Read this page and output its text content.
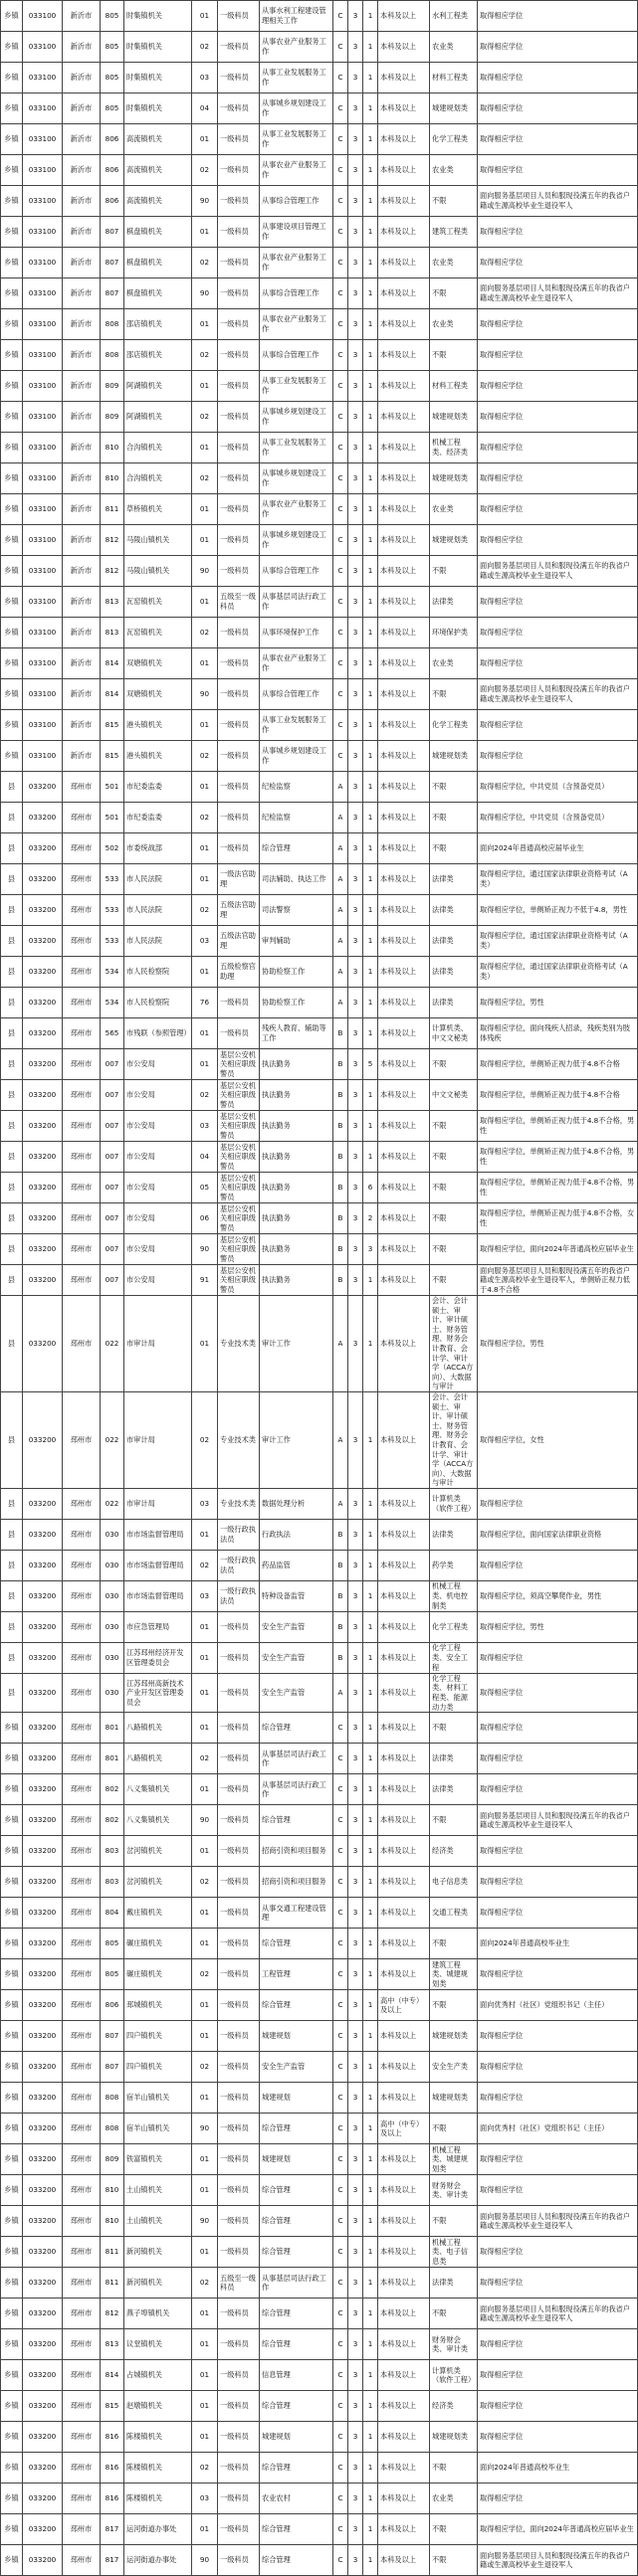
乡镇	033100	新沂市	805	时集镇机关	01	一级科员	从事水利工程建设管理相关工作	C	3	1	本科及以上	水利工程类	取得相应学位
乡镇	033100	新沂市	805	时集镇机关	02	一级科员	从事农业产业服务工作	C	3	1	本科及以上	农业类	取得相应学位
乡镇	033100	新沂市	805	时集镇机关	03	一级科员	从事工业发展服务工作	C	3	1	本科及以上	材料工程类	取得相应学位
乡镇	033100	新沂市	805	时集镇机关	04	一级科员	从事城乡规划建设工作	C	3	1	本科及以上	城建规划类	取得相应学位
乡镇	033100	新沂市	806	高流镇机关	01	一级科员	从事工业发展服务工作	C	3	1	本科及以上	化学工程类	取得相应学位
乡镇	033100	新沂市	806	高流镇机关	02	一级科员	从事农业产业服务工作	C	3	1	本科及以上	农业类	取得相应学位
乡镇	033100	新沂市	806	高流镇机关	90	一级科员	从事综合管理工作	C	3	1	本科及以上	不限	面向服务基层项目人员和服现役满五年的我省户籍或生源高校毕业生退役军人
乡镇	033100	新沂市	807	棋盘镇机关	01	一级科员	从事建设项目管理工作	C	3	1	本科及以上	建筑工程类	取得相应学位
乡镇	033100	新沂市	807	棋盘镇机关	02	一级科员	从事农业产业服务工作	C	3	1	本科及以上	农业类	取得相应学位
乡镇	033100	新沂市	807	棋盘镇机关	90	一级科员	从事综合管理工作	C	3	1	本科及以上	不限	面向服务基层项目人员和服现役满五年的我省户籍或生源高校毕业生退役军人
乡镇	033100	新沂市	808	邵店镇机关	01	一级科员	从事农业产业服务工作	C	3	1	本科及以上	农业类	取得相应学位
乡镇	033100	新沂市	808	邵店镇机关	02	一级科员	从事综合管理工作	C	3	1	本科及以上	不限	取得相应学位
乡镇	033100	新沂市	809	阿湖镇机关	01	一级科员	从事工业发展服务工作	C	3	1	本科及以上	材料工程类	取得相应学位
乡镇	033100	新沂市	809	阿湖镇机关	02	一级科员	从事城乡规划建设工作	C	3	1	本科及以上	城建规划类	取得相应学位
乡镇	033100	新沂市	810	合沟镇机关	01	一级科员	从事工业发展服务工作	C	3	1	本科及以上	机械工程类、经济类	取得相应学位
乡镇	033100	新沂市	810	合沟镇机关	02	一级科员	从事城乡规划建设工作	C	3	1	本科及以上	城建规划类	取得相应学位
乡镇	033100	新沂市	811	草桥镇机关	01	一级科员	从事农业产业服务工作	C	3	1	本科及以上	农业类	取得相应学位
乡镇	033100	新沂市	812	马陵山镇机关	01	一级科员	从事城乡规划建设工作	C	3	1	本科及以上	城建规划类	取得相应学位
乡镇	033100	新沂市	812	马陵山镇机关	90	一级科员	从事综合管理工作	C	3	1	本科及以上	不限	面向服务基层项目人员和服现役满五年的我省户籍或生源高校毕业生退役军人
乡镇	033100	新沂市	813	瓦窑镇机关	01	五级至一级科员	从事基层司法行政工作	C	3	1	本科及以上	法律类	取得相应学位
乡镇	033100	新沂市	813	瓦窑镇机关	02	一级科员	从事环境保护工作	C	3	1	本科及以上	环境保护类	取得相应学位
乡镇	033100	新沂市	814	双塘镇机关	01	一级科员	从事农业产业服务工作	C	3	1	本科及以上	农业类	取得相应学位
乡镇	033100	新沂市	814	双塘镇机关	90	一级科员	从事综合管理工作	C	3	1	本科及以上	不限	面向服务基层项目人员和服现役满五年的我省户籍或生源高校毕业生退役军人
乡镇	033100	新沂市	815	港头镇机关	01	一级科员	从事工业发展服务工作	C	3	1	本科及以上	化学工程类	取得相应学位
乡镇	033100	新沂市	815	港头镇机关	02	一级科员	从事城乡规划建设工作	C	3	1	本科及以上	城建规划类	取得相应学位
县	033200	邳州市	501	市纪委监委	01	一级科员	纪检监察	A	3	1	本科及以上	不限	取得相应学位，中共党员（含预备党员）
县	033200	邳州市	501	市纪委监委	02	一级科员	纪检监察	A	3	1	本科及以上	不限	取得相应学位，中共党员（含预备党员）
县	033200	邳州市	502	市委统战部	01	一级科员	综合管理	A	3	1	本科及以上	不限	面向2024年普通高校应届毕业生
县	033200	邳州市	533	市人民法院	01	一级法官助理	司法辅助、执达工作	A	3	1	本科及以上	法律类	取得相应学位，通过国家法律职业资格考试（A类）
县	033200	邳州市	533	市人民法院	02	五级法官助理	司法警察	A	3	1	本科及以上	法律类	取得相应学位，单侧矫正视力不低于4.8，男性
县	033200	邳州市	533	市人民法院	03	五级法官助理	审判辅助	A	3	1	本科及以上	法律类	取得相应学位，通过国家法律职业资格考试（A类）
县	033200	邳州市	534	市人民检察院	01	五级检察官助理	协助检察工作	A	3	1	本科及以上	法律类	取得相应学位，通过国家法律职业资格考试（A类）
县	033200	邳州市	534	市人民检察院	76	一级科员	协助检察工作	A	3	1	本科及以上	法律类	取得相应学位，男性
县	033200	邳州市	565	市残联（参照管理）	01	一级科员	残疾人教育、辅助等工作	B	3	1	本科及以上	计算机类、中文文秘类	取得相应学位，面向残疾人招录，残疾类别为肢体残疾
县	033200	邳州市	007	市公安局	01	基层公安机关相应职级警员	执法勤务	B	3	5	本科及以上	不限	取得相应学位，单侧矫正视力低于4.8不合格
县	033200	邳州市	007	市公安局	02	基层公安机关相应职级警员	执法勤务	B	3	1	本科及以上	中文文秘类	取得相应学位，单侧矫正视力低于4.8不合格
县	033200	邳州市	007	市公安局	03	基层公安机关相应职级警员	执法勤务	B	3	1	本科及以上	不限	取得相应学位，单侧矫正视力低于4.8不合格，男性
县	033200	邳州市	007	市公安局	04	基层公安机关相应职级警员	执法勤务	B	3	1	本科及以上	不限	取得相应学位，单侧矫正视力低于4.8不合格，男性
县	033200	邳州市	007	市公安局	05	基层公安机关相应职级警员	执法勤务	B	3	6	本科及以上	不限	取得相应学位，单侧矫正视力低于4.8不合格，男性
县	033200	邳州市	007	市公安局	06	基层公安机关相应职级警员	执法勤务	B	3	2	本科及以上	不限	取得相应学位，单侧矫正视力低于4.8不合格，女性
县	033200	邳州市	007	市公安局	90	基层公安机关相应职级警员	执法勤务	B	3	3	本科及以上	不限	取得相应学位，面向2024年普通高校应届毕业生
县	033200	邳州市	007	市公安局	91	基层公安机关相应职级警员	执法勤务	B	3	1	本科及以上	不限	面向服务基层项目人员和服现役满五年的我省户籍或生源高校毕业生退役军人，单侧矫正视力低于4.8不合格
县	033200	邳州市	022	市审计局	01	专业技术类	审计工作	A	3	1	本科及以上	会计、会计硕士、审计、审计硕士、财务管理、财务会计教育、会计学、审计学（ACCA方向）、大数据与审计	取得相应学位，男性
县	033200	邳州市	022	市审计局	02	专业技术类	审计工作	A	3	1	本科及以上	会计、会计硕士、审计、审计硕士、财务管理、财务会计教育、会计学、审计学（ACCA方向）、大数据与审计	取得相应学位，女性
县	033200	邳州市	022	市审计局	03	专业技术类	数据处理分析	A	3	1	本科及以上	计算机类（软件工程）	取得相应学位
县	033200	邳州市	030	市市场监督管理局	01	一级行政执法员	行政执法	B	3	1	本科及以上	法律类	取得相应学位，面向国家法律职业资格
县	033200	邳州市	030	市市场监督管理局	02	一级行政执法员	药品监管	B	3	1	本科及以上	药学类	取得相应学位
县	033200	邳州市	030	市市场监督管理局	03	一级行政执法员	特种设备监管	B	3	1	本科及以上	机械工程类、机电控制类	取得相应学位，须高空攀爬作业，男性
县	033200	邳州市	030	市应急管理局	01	一级科员	安全生产监管	B	3	1	本科及以上	化学工程类	取得相应学位，男性
县	033200	邳州市	030	江苏邳州经济开发区管理委员会	01	一级科员	安全生产监管	B	3	1	本科及以上	化学工程类、安全工程	取得相应学位
县	033200	邳州市	030	江苏邳州高新技术产业开发区管理委员会	01	一级科员	安全生产监管	A	3	1	本科及以上	化学工程类、材料工程类、能源动力类	取得相应学位
乡镇	033200	邳州市	801	八路镇机关	01	一级科员	综合管理	C	3	1	本科及以上	不限	取得相应学位
乡镇	033200	邳州市	801	八路镇机关	02	一级科员	从事基层司法行政工作	C	3	1	本科及以上	法律类	取得相应学位
乡镇	033200	邳州市	802	八义集镇机关	01	一级科员	从事基层司法行政工作	C	3	1	本科及以上	法律类	取得相应学位
乡镇	033200	邳州市	802	八义集镇机关	90	一级科员	综合管理	C	3	1	本科及以上	不限	面向服务基层项目人员和服现役满五年的我省户籍或生源高校毕业生退役军人
乡镇	033200	邳州市	803	岔河镇机关	01	一级科员	招商引资和项目服务	C	3	1	本科及以上	经济类	取得相应学位
乡镇	033200	邳州市	803	岔河镇机关	02	一级科员	招商引资和项目服务	C	3	1	本科及以上	电子信息类	取得相应学位
乡镇	033200	邳州市	804	戴庄镇机关	01	一级科员	从事交通工程建设管理	C	3	1	本科及以上	交通工程类	取得相应学位
乡镇	033200	邳州市	805	碾庄镇机关	01	一级科员	综合管理	C	3	1	本科及以上	不限	面向2024年普通高校毕业生
乡镇	033200	邳州市	805	碾庄镇机关	02	一级科员	工程管理	C	3	1	本科及以上	建筑工程类、城建规划类	取得相应学位
乡镇	033200	邳州市	806	邳城镇机关	01	一级科员	综合管理	C	3	1	高中（中专）及以上	不限	面向优秀村（社区）党组织书记（主任）
乡镇	033200	邳州市	807	四户镇机关	01	一级科员	城建规划	C	3	1	本科及以上	城建规划类	取得相应学位
乡镇	033200	邳州市	807	四户镇机关	02	一级科员	安全生产监管	C	3	1	本科及以上	安全生产类	取得相应学位
乡镇	033200	邳州市	808	宿羊山镇机关	01	一级科员	城建规划	C	3	1	本科及以上	城建规划类	取得相应学位
乡镇	033200	邳州市	808	宿羊山镇机关	90	一级科员	综合管理	C	3	1	高中（中专）及以上	不限	面向优秀村（社区）党组织书记（主任）
乡镇	033200	邳州市	809	铁富镇机关	01	一级科员	城建规划	C	3	1	本科及以上	机械工程类、城建规划类	取得相应学位
乡镇	033200	邳州市	810	土山镇机关	01	一级科员	综合管理	C	3	1	本科及以上	财务财会类、审计类	取得相应学位
乡镇	033200	邳州市	810	土山镇机关	90	一级科员	综合管理	C	3	1	本科及以上	不限	面向服务基层项目人员和服现役满五年的我省户籍或生源高校毕业生退役军人
乡镇	033200	邳州市	811	新河镇机关	01	一级科员	综合管理	C	3	1	本科及以上	机械工程类、电子信息类	取得相应学位
乡镇	033200	邳州市	811	新河镇机关	02	五级至一级科员	从事基层司法行政工作	C	3	1	本科及以上	法律类	取得相应学位
乡镇	033200	邳州市	812	燕子埠镇机关	01	一级科员	综合管理	C	3	1	本科及以上	不限	面向服务基层项目人员和服现役满五年的我省户籍或生源高校毕业生退役军人
乡镇	033200	邳州市	813	议堂镇机关	01	一级科员	综合管理	C	3	1	本科及以上	财务财会类、审计类	取得相应学位
乡镇	033200	邳州市	814	占城镇机关	01	一级科员	信息管理	C	3	1	本科及以上	计算机类（软件工程）	取得相应学位
乡镇	033200	邳州市	815	赵墩镇机关	01	一级科员	综合管理	C	3	1	本科及以上	经济类	取得相应学位
乡镇	033200	邳州市	816	陈楼镇机关	01	一级科员	城建规划	C	3	1	本科及以上	城建规划类	取得相应学位
乡镇	033200	邳州市	816	陈楼镇机关	02	一级科员	综合管理	C	3	1	本科及以上	不限	面向2024年普通高校毕业生
乡镇	033200	邳州市	816	陈楼镇机关	03	一级科员	农业农村	C	3	1	本科及以上	农业类	取得相应学位
乡镇	033200	邳州市	817	运河街道办事处	01	一级科员	综合管理	C	3	1	本科及以上	不限	取得相应学位，面向2024年普通高校应届毕业生
乡镇	033200	邳州市	817	运河街道办事处	90	一级科员	综合管理	C	3	1	本科及以上	不限	面向服务基层项目人员和服现役满五年的我省户籍或生源高校毕业生退役军人
